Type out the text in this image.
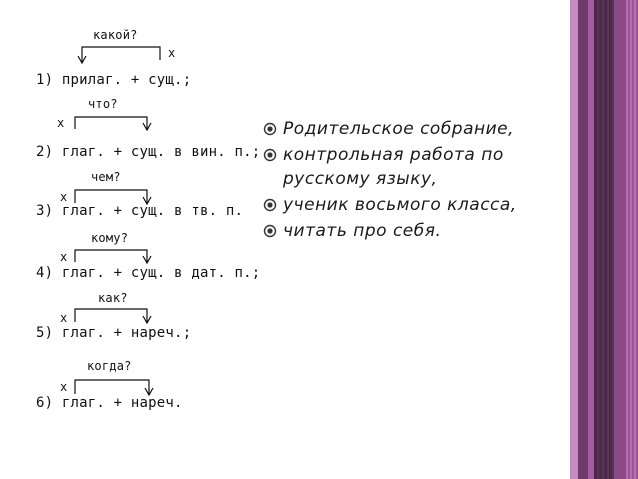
какой?
x
1) прилаг. + сущ.;
что?
x
2) глаг. + сущ. в вин. п.;
чем?
x
3) глаг. + сущ. в тв. п.
кому?
x
4) глаг. + сущ. в дат. п.;
как?
x
5) глаг. + нареч.;
когда?
x
6) глаг. + нареч.
Родительское собрание,
контрольная работа по русскому языку,
ученик восьмого класса,
читать про себя.
